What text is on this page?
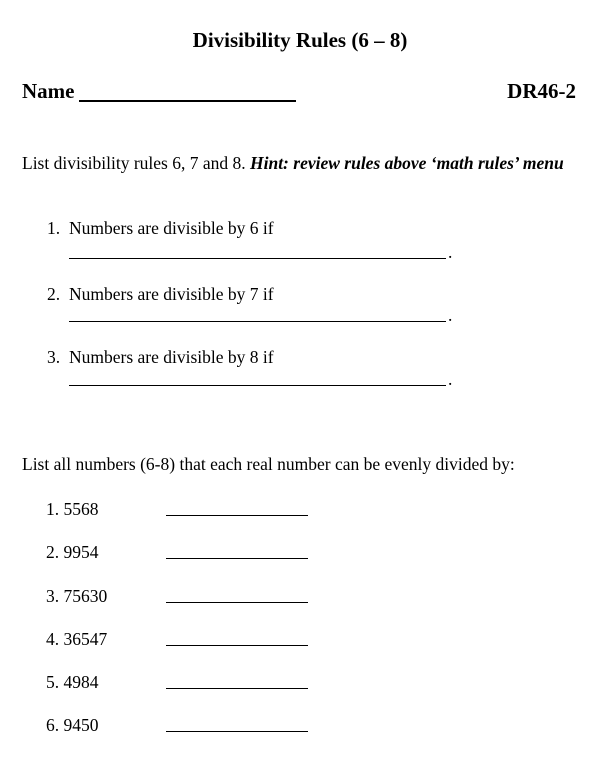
Divisibility Rules (6 – 8)
Name	DR46-2
List divisibility rules 6, 7 and 8. Hint: review rules above ‘math rules’ menu
1. Numbers are divisible by 6 if
.
2. Numbers are divisible by 7 if
.
3. Numbers are divisible by 8 if
.
List all numbers (6-8) that each real number can be evenly divided by:
1. 5568
2. 9954
3. 75630
4. 36547
5. 4984
6. 9450
